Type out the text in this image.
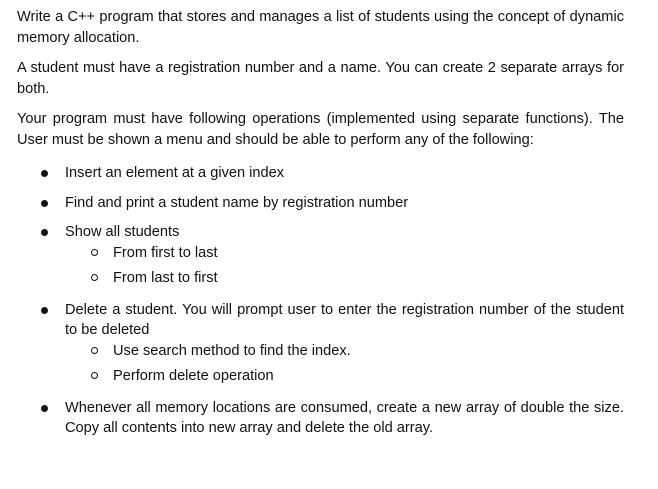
Write a C++ program that stores and manages a list of students using the concept of dynamic memory allocation.

A student must have a registration number and a name. You can create 2 separate arrays for both.

Your program must have following operations (implemented using separate functions). The User must be shown a menu and should be able to perform any of the following:

Insert an element at a given index
Find and print a student name by registration number
Show all students
From first to last
From last to first
Delete a student. You will prompt user to enter the registration number of the student to be deleted
Use search method to find the index.
Perform delete operation
Whenever all memory locations are consumed, create a new array of double the size. Copy all contents into new array and delete the old array.
